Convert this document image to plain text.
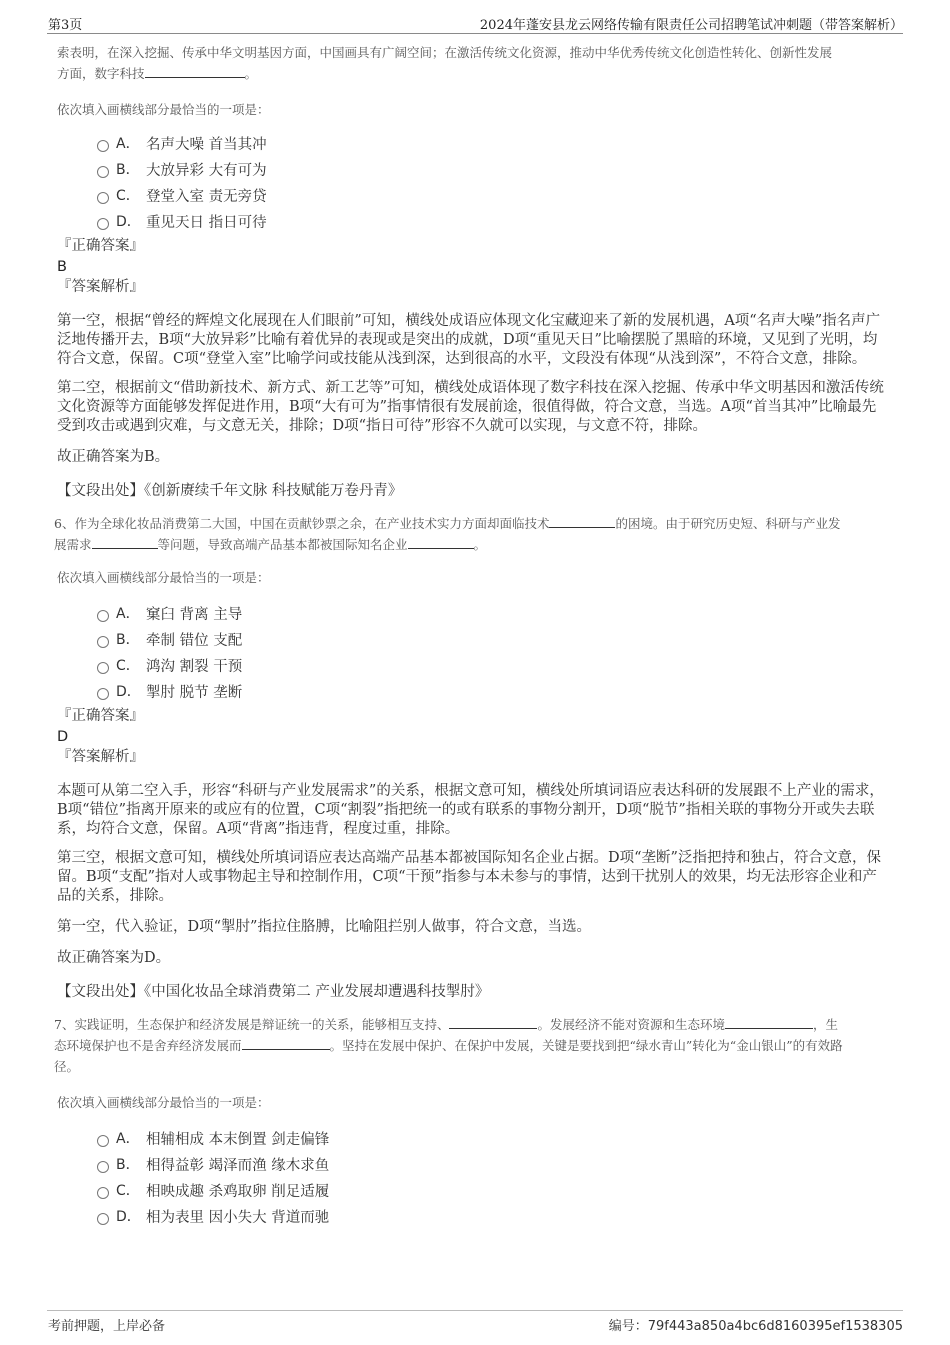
第3页	2024年蓬安县龙云网络传输有限责任公司招聘笔试冲刺题（带答案解析）
索表明，在深入挖掘、传承中华文明基因方面，中国画具有广阔空间；在激活传统文化资源，推动中华优秀传统文化创造性转化、创新性发展
方面，数字科技	。
依次填入画横线部分最恰当的一项是：
A． 名声大噪 首当其冲
B． 大放异彩 大有可为
C． 登堂入室 责无旁贷
D． 重见天日 指日可待
『正确答案』
B
『答案解析』
第一空，根据“曾经的辉煌文化展现在人们眼前”可知，横线处成语应体现文化宝藏迎来了新的发展机遇，A项“名声大噪”指名声广泛地传播开去，B项“大放异彩”比喻有着优异的表现或是突出的成就，D项“重见天日”比喻摆脱了黑暗的环境，又见到了光明，均符合文意，保留。C项“登堂入室”比喻学问或技能从浅到深，达到很高的水平，文段没有体现“从浅到深”，不符合文意，排除。
第二空，根据前文“借助新技术、新方式、新工艺等”可知，横线处成语体现了数字科技在深入挖掘、传承中华文明基因和激活传统文化资源等方面能够发挥促进作用，B项“大有可为”指事情很有发展前途，很值得做，符合文意，当选。A项“首当其冲”比喻最先受到攻击或遇到灾难，与文意无关，排除；D项“指日可待”形容不久就可以实现，与文意不符，排除。
故正确答案为B。
【文段出处】《创新赓续千年文脉 科技赋能万卷丹青》
6、作为全球化妆品消费第二大国，中国在贡献钞票之余，在产业技术实力方面却面临技术	的困境。由于研究历史短、科研与产业发
展需求	等问题，导致高端产品基本都被国际知名企业	。
依次填入画横线部分最恰当的一项是：
A． 窠臼 背离 主导
B． 牵制 错位 支配
C． 鸿沟 割裂 干预
D． 掣肘 脱节 垄断
『正确答案』
D
『答案解析』
本题可从第二空入手，形容“科研与产业发展需求”的关系，根据文意可知，横线处所填词语应表达科研的发展跟不上产业的需求，B项“错位”指离开原来的或应有的位置，C项“割裂”指把统一的或有联系的事物分割开，D项“脱节”指相关联的事物分开或失去联系，均符合文意，保留。A项“背离”指违背，程度过重，排除。
第三空，根据文意可知，横线处所填词语应表达高端产品基本都被国际知名企业占据。D项“垄断”泛指把持和独占，符合文意，保留。B项“支配”指对人或事物起主导和控制作用，C项“干预”指参与本未参与的事情，达到干扰别人的效果，均无法形容企业和产品的关系，排除。
第一空，代入验证，D项“掣肘”指拉住胳膊，比喻阻拦别人做事，符合文意，当选。
故正确答案为D。
【文段出处】《中国化妆品全球消费第二 产业发展却遭遇科技掣肘》
7、实践证明，生态保护和经济发展是辩证统一的关系，能够相互支持、	。发展经济不能对资源和生态环境	，生
态环境保护也不是舍弃经济发展而	。坚持在发展中保护、在保护中发展，关键是要找到把“绿水青山”转化为“金山银山”的有效路
径。
依次填入画横线部分最恰当的一项是：
A． 相辅相成 本末倒置 剑走偏锋
B． 相得益彰 竭泽而渔 缘木求鱼
C． 相映成趣 杀鸡取卵 削足适履
D． 相为表里 因小失大 背道而驰
考前押题，上岸必备	编号：79f443a850a4bc6d8160395ef1538305
